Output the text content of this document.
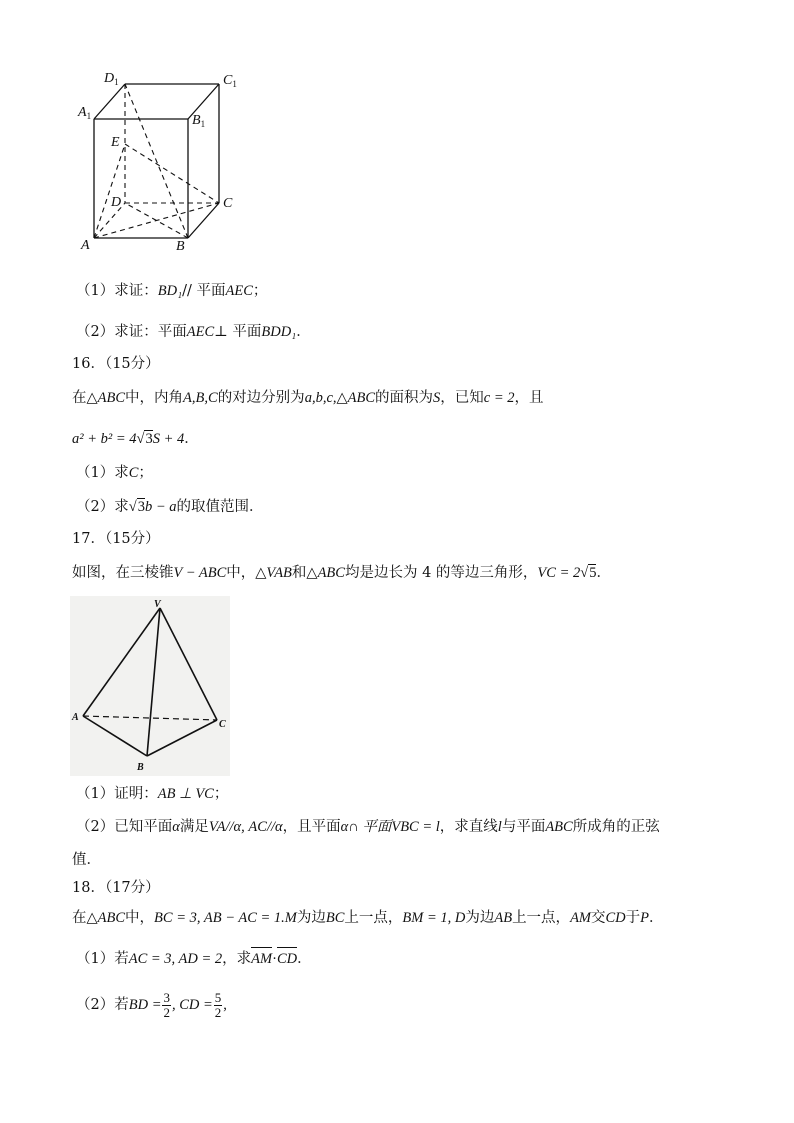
$D_1$	$C_1$
$A_1$	$B_1$
E
D	C
A	B
（1）求证：BD₁// 平面AEC；
（2）求证：平面AEC⊥ 平面BDD₁．
16．（15分）
在△ABC中，内角A,B,C的对边分别为a,b,c,△ABC的面积为S，已知c = 2，且
a² + b² = 4√3S + 4．
（1）求C；
（2）求√3b − a的取值范围．
17．（15分）
如图，在三棱锥V − ABC中，△VAB和△ABC均是边长为 4 的等边三角形，VC = 2√5．
V
A
B
C
（1）证明：AB ⊥ VC；
（2）已知平面α满足VA//α, AC//α，且平面α∩ 平面VBC = l，求直线l与平面ABC所成角的正弦
值．
18．（17分）
在△ABC中，BC = 3, AB − AC = 1.M为边BC上一点，BM = 1, D为边AB上一点，AM交CD于P．
（1）若AC = 3, AD = 2，求AM·CD．
（2）若BD = $\frac{3}{2}$ , CD = $\frac{5}{2}$ ,
